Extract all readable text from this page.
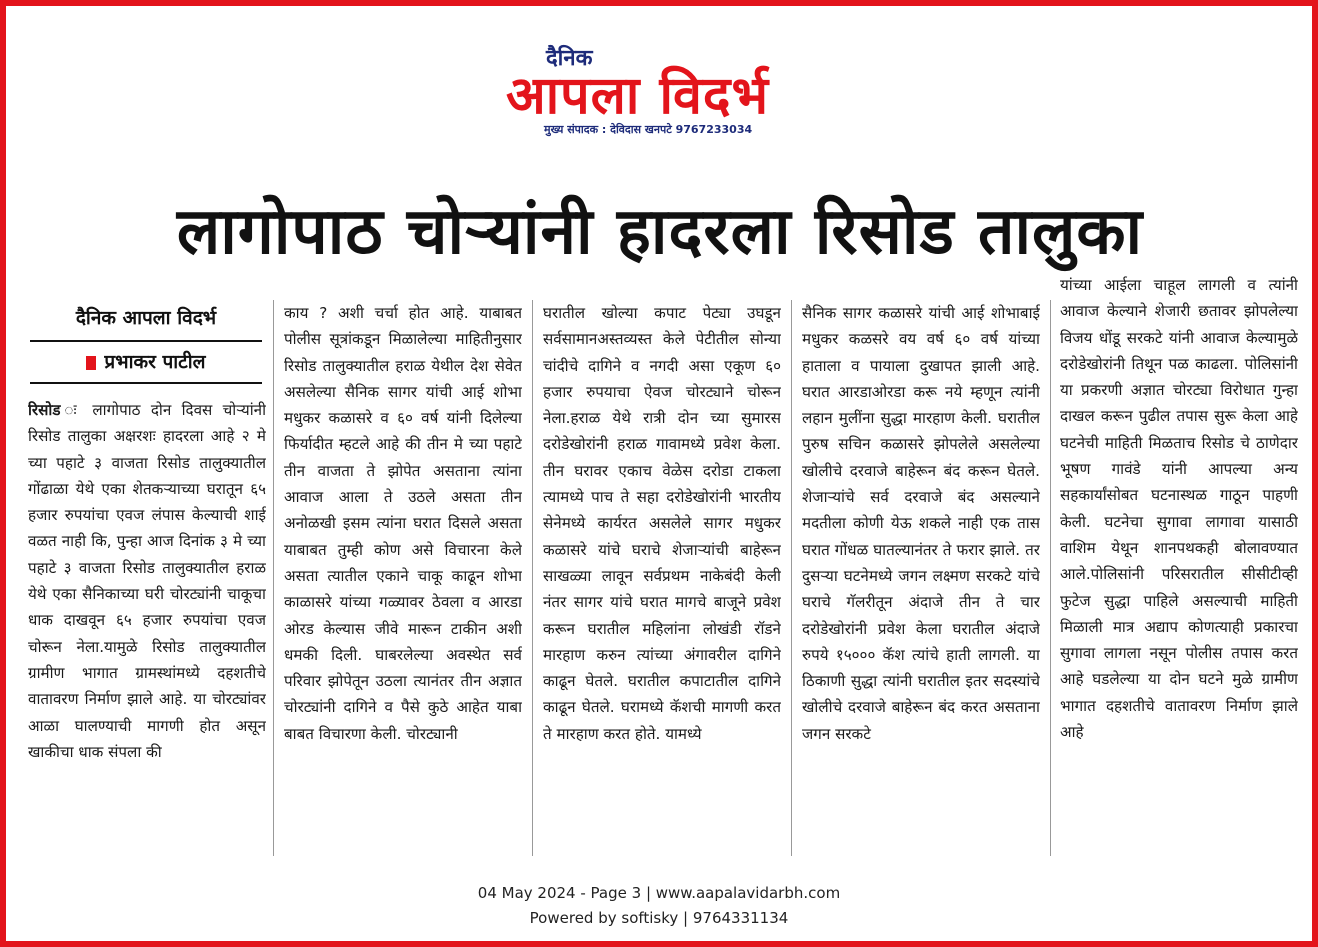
दैनिक
आपला विदर्भ
मुख्य संपादक : देविदास खनपटे 9767233034
लागोपाठ चोऱ्यांनी हादरला रिसोड तालुका
दैनिक आपला विदर्भ
प्रभाकर पाटील
रिसोड ः लागोपाठ दोन दिवस चोऱ्यांनी रिसोड तालुका अक्षरशः हादरला आहे २ मे च्या पहाटे ३ वाजता रिसोड तालुक्यातील गोंढाळा येथे एका शेतकऱ्याच्या घरातून ६५ हजार रुपयांचा एवज लंपास केल्याची शाई वळत नाही कि, पुन्हा आज दिनांक ३ मे च्या पहाटे ३ वाजता रिसोड तालुक्यातील हराळ येथे एका सैनिकाच्या घरी चोरट्यांनी चाकूचा धाक दाखवून ६५ हजार रुपयांचा एवज चोरून नेला.यामुळे रिसोड तालुक्यातील ग्रामीण भागात ग्रामस्थांमध्ये दहशतीचे वातावरण निर्माण झाले आहे. या चोरट्यांवर आळा घालण्याची मागणी होत असून खाकीचा धाक संपला की
काय ? अशी चर्चा होत आहे. याबाबत पोलीस सूत्रांकडून मिळालेल्या माहितीनुसार रिसोड तालुक्यातील हराळ येथील देश सेवेत असलेल्या सैनिक सागर यांची आई शोभा मधुकर कळासरे व ६० वर्ष यांनी दिलेल्या फिर्यादीत म्हटले आहे की तीन मे च्या पहाटे तीन वाजता ते झोपेत असताना त्यांना आवाज आला ते उठले असता तीन अनोळखी इसम त्यांना घरात दिसले असता याबाबत तुम्ही कोण असे विचारना केले असता त्यातील एकाने चाकू काढून शोभा काळासरे यांच्या गळ्यावर ठेवला व आरडा ओरड केल्यास जीवे मारून टाकीन अशी धमकी दिली. घाबरलेल्या अवस्थेत सर्व परिवार झोपेतून उठला त्यानंतर तीन अज्ञात चोरट्यांनी दागिने व पैसे कुठे आहेत याबा बाबत विचारणा केली. चोरट्यानी
घरातील खोल्या कपाट पेट्या उघडून सर्वसामानअस्तव्यस्त केले पेटीतील सोन्या चांदीचे दागिने व नगदी असा एकूण ६० हजार रुपयाचा ऐवज चोरट्याने चोरून नेला.हराळ येथे रात्री दोन च्या सुमारस दरोडेखोरांनी हराळ गावामध्ये प्रवेश केला. तीन घरावर एकाच वेळेस दरोडा टाकला त्यामध्ये पाच ते सहा दरोडेखोरांनी भारतीय सेनेमध्ये कार्यरत असलेले सागर मधुकर कळासरे यांचे घराचे शेजाऱ्यांची बाहेरून साखळ्या लावून सर्वप्रथम नाकेबंदी केली नंतर सागर यांचे घरात मागचे बाजूने प्रवेश करून घरातील महिलांना लोखंडी रॉडने मारहाण करुन त्यांच्या अंगावरील दागिने काढून घेतले. घरातील कपाटातील दागिने काढून घेतले. घरामध्ये कॅशची मागणी करत ते मारहाण करत होते. यामध्ये
सैनिक सागर कळासरे यांची आई शोभाबाई मधुकर कळसरे वय वर्ष ६० वर्ष यांच्या हाताला व पायाला दुखापत झाली आहे. घरात आरडाओरडा करू नये म्हणून त्यांनी लहान मुलींना सुद्धा मारहाण केली. घरातील पुरुष सचिन कळासरे झोपलेले असलेल्या खोलीचे दरवाजे बाहेरून बंद करून घेतले. शेजाऱ्यांचे सर्व दरवाजे बंद असल्याने मदतीला कोणी येऊ शकले नाही एक तास घरात गोंधळ घातल्यानंतर ते फरार झाले. तर दुसऱ्या घटनेमध्ये जगन लक्ष्मण सरकटे यांचे घराचे गॅलरीतून अंदाजे तीन ते चार दरोडेखोरांनी प्रवेश केला घरातील अंदाजे रुपये १५००० कॅश त्यांचे हाती लागली. या ठिकाणी सुद्धा त्यांनी घरातील इतर सदस्यांचे खोलीचे दरवाजे बाहेरून बंद करत असताना जगन सरकटे
यांच्या आईला चाहूल लागली व त्यांनी आवाज केल्याने शेजारी छतावर झोपलेल्या विजय धोंडू सरकटे यांनी आवाज केल्यामुळे दरोडेखोरांनी तिथून पळ काढला. पोलिसांनी या प्रकरणी अज्ञात चोरट्या विरोधात गुन्हा दाखल करून पुढील तपास सुरू केला आहे घटनेची माहिती मिळताच रिसोड चे ठाणेदार भूषण गावंडे यांनी आपल्या अन्य सहकार्यांसोबत घटनास्थळ गाठून पाहणी केली. घटनेचा सुगावा लागावा यासाठी वाशिम येथून शानपथकही बोलावण्यात आले.पोलिसांनी परिसरातील सीसीटीव्ही फुटेज सुद्धा पाहिले असल्याची माहिती मिळाली मात्र अद्याप कोणत्याही प्रकारचा सुगावा लागला नसून पोलीस तपास करत आहे घडलेल्या या दोन घटने मुळे ग्रामीण भागात दहशतीचे वातावरण निर्माण झाले आहे
04 May 2024 - Page 3 | www.aapalavidarbh.com
Powered by softisky | 9764331134
